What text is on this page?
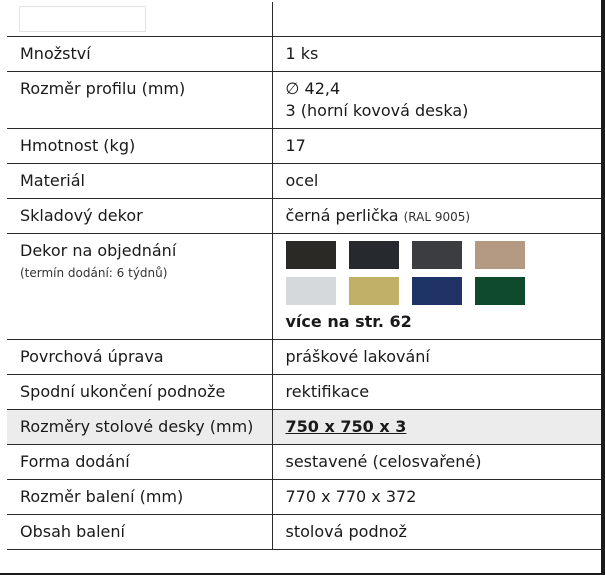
Množství	1 ks
Rozměr profilu (mm)	∅ 42,4
3 (horní kovová deska)

Hmotnost (kg)	17
Materiál	ocel
Skladový dekor	černá perlička (RAL 9005)

Dekor na objednání
(termín dodání: 6 týdnů)	více na str. 62

Povrchová úprava	práškové lakování
Spodní ukončení podnože	rektifikace
Rozměry stolové desky (mm)	750 x 750 x 3
Forma dodání	sestavené (celosvařené)
Rozměr balení (mm)	770 x 770 x 372
Obsah balení	stolová podnož
